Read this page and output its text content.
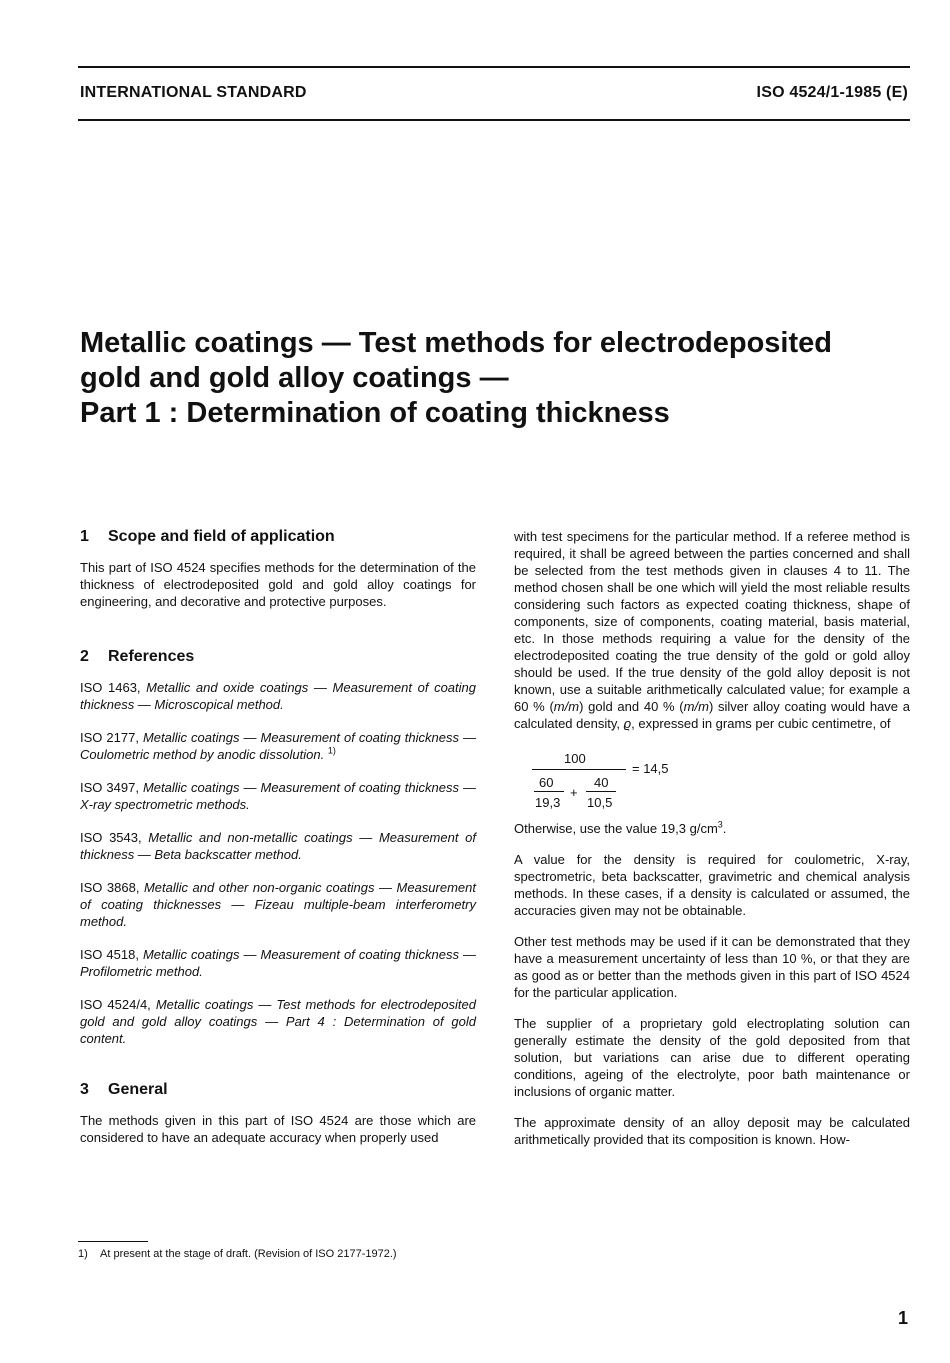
INTERNATIONAL STANDARD	ISO 4524/1-1985 (E)
Metallic coatings — Test methods for electrodeposited
gold and gold alloy coatings —
Part 1 : Determination of coating thickness
1 Scope and field of application

This part of ISO 4524 specifies methods for the determination of the thickness of electrodeposited gold and gold alloy coatings for engineering, and decorative and protective purposes.

2 References

ISO 1463, Metallic and oxide coatings — Measurement of coating thickness — Microscopical method.

ISO 2177, Metallic coatings — Measurement of coating thickness — Coulometric method by anodic dissolution. $^{1)}$

ISO 3497, Metallic coatings — Measurement of coating thickness — X-ray spectrometric methods.

ISO 3543, Metallic and non-metallic coatings — Measurement of thickness — Beta backscatter method.

ISO 3868, Metallic and other non-organic coatings — Measurement of coating thicknesses — Fizeau multiple-beam interferometry method.

ISO 4518, Metallic coatings — Measurement of coating thickness — Profilometric method.

ISO 4524/4, Metallic coatings — Test methods for electrodeposited gold and gold alloy coatings — Part 4 : Determination of gold content.

3 General

The methods given in this part of ISO 4524 are those which are considered to have an adequate accuracy when properly used

with test specimens for the particular method. If a referee method is required, it shall be agreed between the parties concerned and shall be selected from the test methods given in clauses 4 to 11. The method chosen shall be one which will yield the most reliable results considering such factors as expected coating thickness, shape of components, size of components, coating material, basis material, etc. In those methods requiring a value for the density of the electrodeposited coating the true density of the gold or gold alloy should be used. If the true density of the gold alloy deposit is not known, use a suitable arithmetically calculated value; for example a 60 % (m/m) gold and 40 % (m/m) silver alloy coating would have a calculated density, ϱ, expressed in grams per cubic centimetre, of

100
= 14,5
60
19,3
+
40
10,5

Otherwise, use the value 19,3 $g/cm^3$.

A value for the density is required for coulometric, X-ray, spectrometric, beta backscatter, gravimetric and chemical analysis methods. In these cases, if a density is calculated or assumed, the accuracies given may not be obtainable.

Other test methods may be used if it can be demonstrated that they have a measurement uncertainty of less than 10 %, or that they are as good as or better than the methods given in this part of ISO 4524 for the particular application.

The supplier of a proprietary gold electroplating solution can generally estimate the density of the gold deposited from that solution, but variations can arise due to different operating conditions, ageing of the electrolyte, poor bath maintenance or inclusions of organic matter.

The approximate density of an alloy deposit may be calculated arithmetically provided that its composition is known. How-

1) At present at the stage of draft. (Revision of ISO 2177-1972.)
1
